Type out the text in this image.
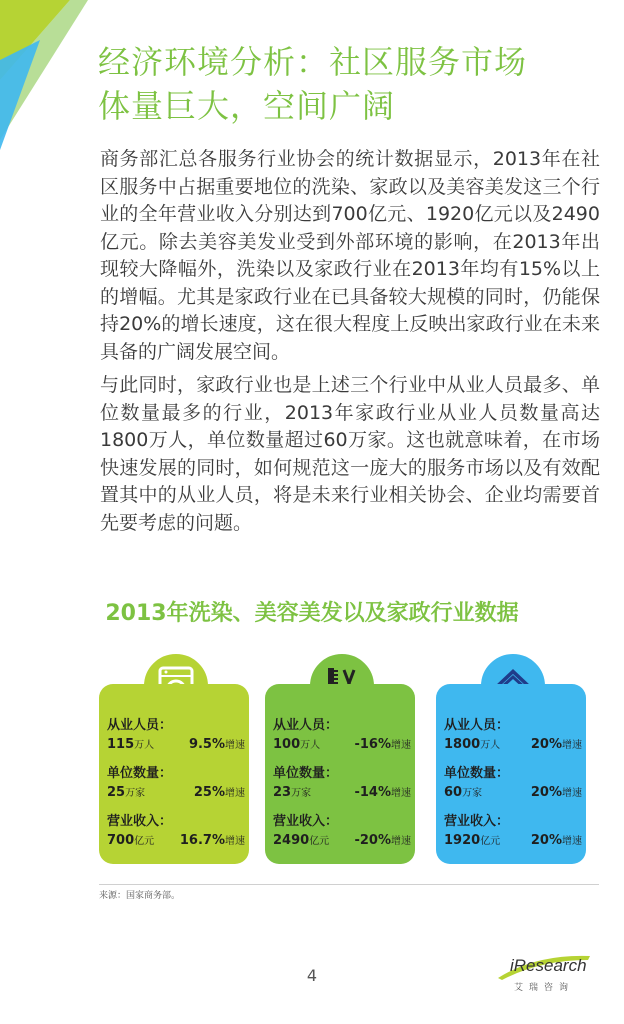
经济环境分析：社区服务市场
体量巨大，空间广阔

商务部汇总各服务行业协会的统计数据显示，2013年在社区服务中占据重要地位的洗染、家政以及美容美发这三个行业的全年营业收入分别达到700亿元、1920亿元以及2490亿元。除去美容美发业受到外部环境的影响，在2013年出现较大降幅外，洗染以及家政行业在2013年均有15%以上的增幅。尤其是家政行业在已具备较大规模的同时，仍能保持20%的增长速度，这在很大程度上反映出家政行业在未来具备的广阔发展空间。

与此同时，家政行业也是上述三个行业中从业人员最多、单位数量最多的行业，2013年家政行业从业人员数量高达1800万人，单位数量超过60万家。这也就意味着，在市场快速发展的同时，如何规范这一庞大的服务市场以及有效配置其中的从业人员，将是未来行业相关协会、企业均需要首先要考虑的问题。

2013年洗染、美容美发以及家政行业数据
从业人员：
115万人	9.5%增速
单位数量：
25万家	25%增速
营业收入：
700亿元 16.7%增速
从业人员：
100万人	-16%增速
单位数量：
23万家	-14%增速
营业收入：
2490亿元 -20%增速
从业人员：
1800万人 20%增速
单位数量：
60万家	20%增速
营业收入：
1920亿元 20%增速
来源：国家商务部。
4
iResearch
艾瑞咨询
